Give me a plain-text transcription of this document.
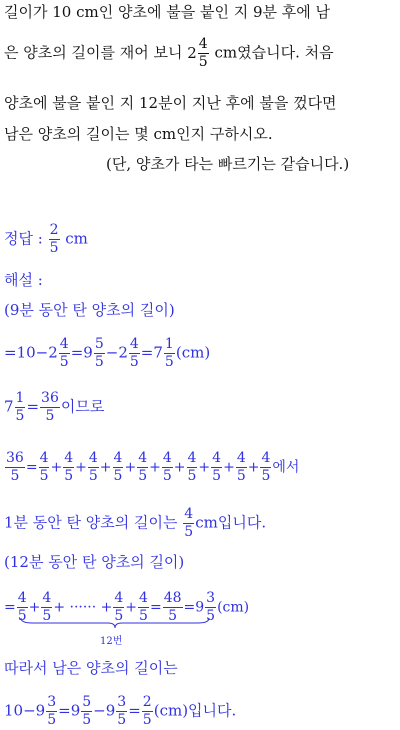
길이가 10 cm인 양초에 불을 붙인 지 9분 후에 남
은 양초의 길이를 재어 보니 $2 \frac{4}{5}$ cm였습니다. 처음
양초에 불을 붙인 지 12분이 지난 후에 불을 껐다면
남은 양초의 길이는 몇 cm인지 구하시오.
(단, 양초가 타는 빠르기는 같습니다.)
정답 : $\frac{2}{5}$ cm
해설 :
(9분 동안 탄 양초의 길이)
$=10-2 \frac{4}{5} =9 \frac{5}{5} -2 \frac{4}{5} =7 \frac{1}{5} (cm)$
$7 \frac{1}{5} = \frac{36}{5}$ 이므로
$\frac{36}{5} = \frac{4}{5} + \frac{4}{5} + \frac{4}{5} + \frac{4}{5} + \frac{4}{5} + \frac{4}{5} + \frac{4}{5} + \frac{4}{5} + \frac{4}{5} + \frac{4}{5}$ 에서
1분 동안 탄 양초의 길이는 $\frac{4}{5}$ cm입니다.
(12분 동안 탄 양초의 길이)
= $\frac{4}{5} + \frac{4}{5}$ + ······ + $\frac{4}{5} + \frac{4}{5} = \frac{48}{5} =9 \frac{3}{5} (cm)$
12번
따라서 남은 양초의 길이는
$10-9 \frac{3}{5} =9 \frac{5}{5} -9 \frac{3}{5} = \frac{2}{5} (cm)$입니다.
